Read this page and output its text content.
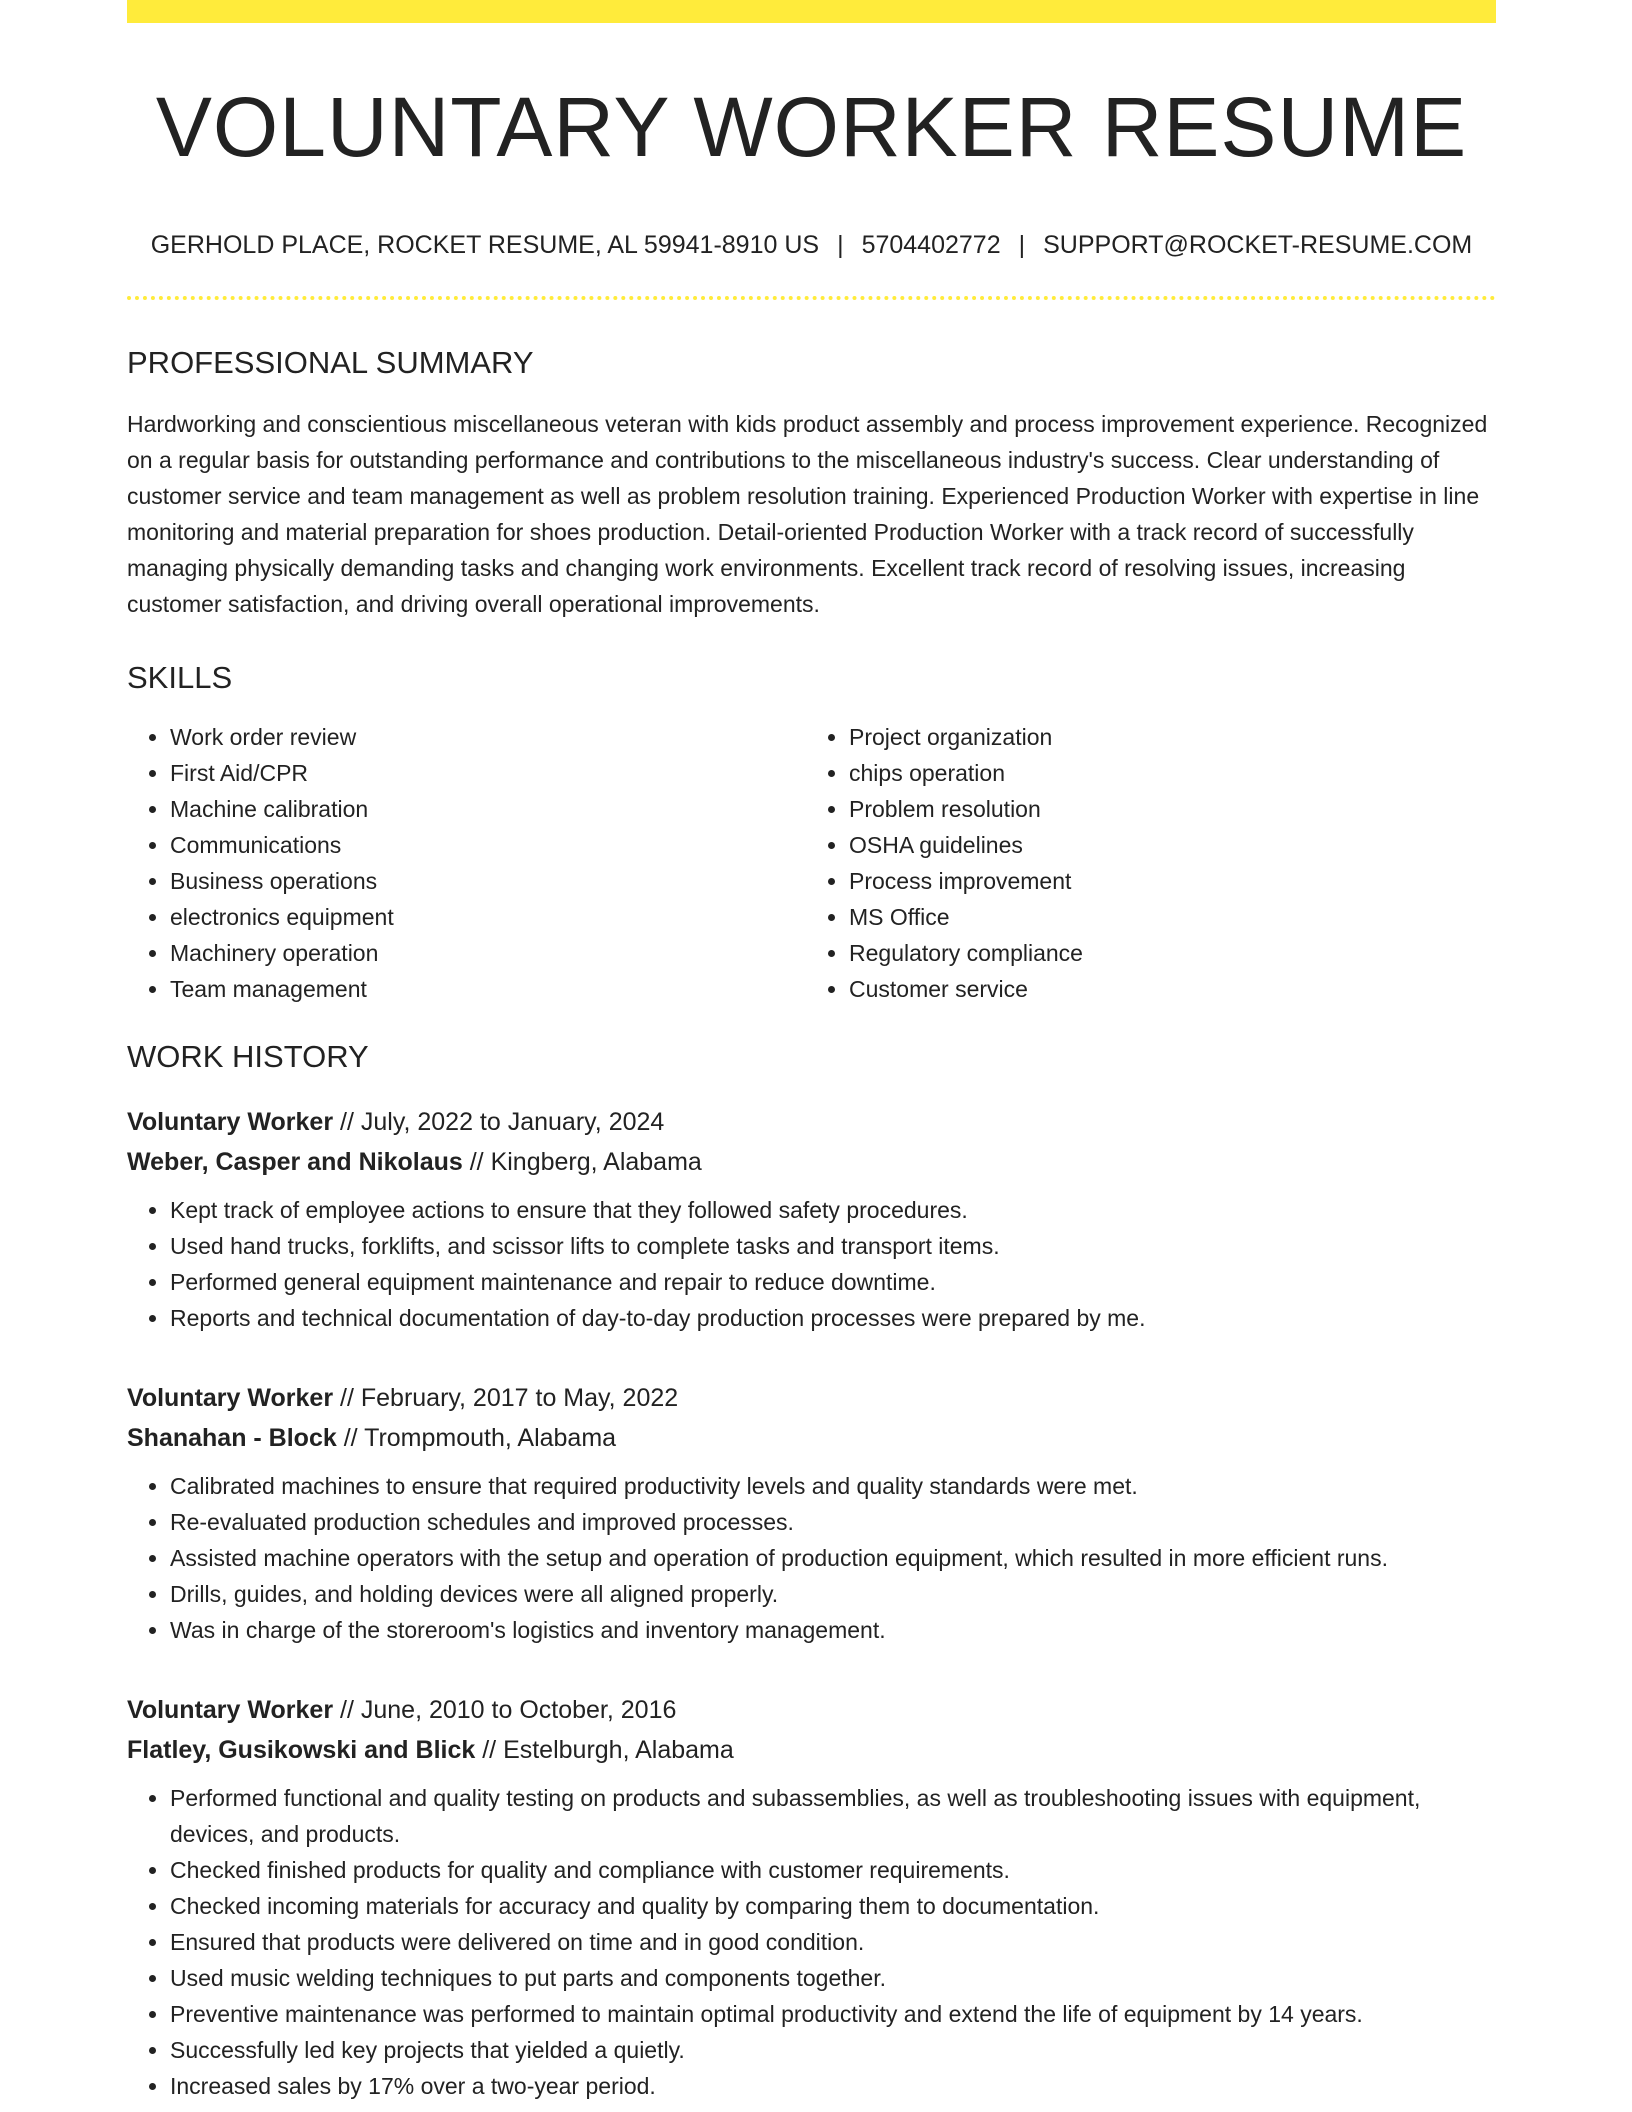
VOLUNTARY WORKER RESUME
GERHOLD PLACE, ROCKET RESUME, AL 59941-8910 US | 5704402772 | SUPPORT@ROCKET-RESUME.COM
PROFESSIONAL SUMMARY

Hardworking and conscientious miscellaneous veteran with kids product assembly and process improvement experience. Recognized on a regular basis for outstanding performance and contributions to the miscellaneous industry's success. Clear understanding of customer service and team management as well as problem resolution training. Experienced Production Worker with expertise in line monitoring and material preparation for shoes production. Detail-oriented Production Worker with a track record of successfully managing physically demanding tasks and changing work environments. Excellent track record of resolving issues, increasing customer satisfaction, and driving overall operational improvements.

SKILLS
• Work order review
• First Aid/CPR
• Machine calibration
• Communications
• Business operations
• electronics equipment
• Machinery operation
• Team management
• Project organization
• chips operation
• Problem resolution
• OSHA guidelines
• Process improvement
• MS Office
• Regulatory compliance
• Customer service
WORK HISTORY
Voluntary Worker // July, 2022 to January, 2024
Weber, Casper and Nikolaus // Kingberg, Alabama
• Kept track of employee actions to ensure that they followed safety procedures.
• Used hand trucks, forklifts, and scissor lifts to complete tasks and transport items.
• Performed general equipment maintenance and repair to reduce downtime.
• Reports and technical documentation of day-to-day production processes were prepared by me.
Voluntary Worker // February, 2017 to May, 2022
Shanahan - Block // Trompmouth, Alabama
• Calibrated machines to ensure that required productivity levels and quality standards were met.
• Re-evaluated production schedules and improved processes.
• Assisted machine operators with the setup and operation of production equipment, which resulted in more efficient runs.
• Drills, guides, and holding devices were all aligned properly.
• Was in charge of the storeroom's logistics and inventory management.
Voluntary Worker // June, 2010 to October, 2016
Flatley, Gusikowski and Blick // Estelburgh, Alabama
• Performed functional and quality testing on products and subassemblies, as well as troubleshooting issues with equipment, devices, and products.
• Checked finished products for quality and compliance with customer requirements.
• Checked incoming materials for accuracy and quality by comparing them to documentation.
• Ensured that products were delivered on time and in good condition.
• Used music welding techniques to put parts and components together.
• Preventive maintenance was performed to maintain optimal productivity and extend the life of equipment by 14 years.
• Successfully led key projects that yielded a quietly.
• Increased sales by 17% over a two-year period.
